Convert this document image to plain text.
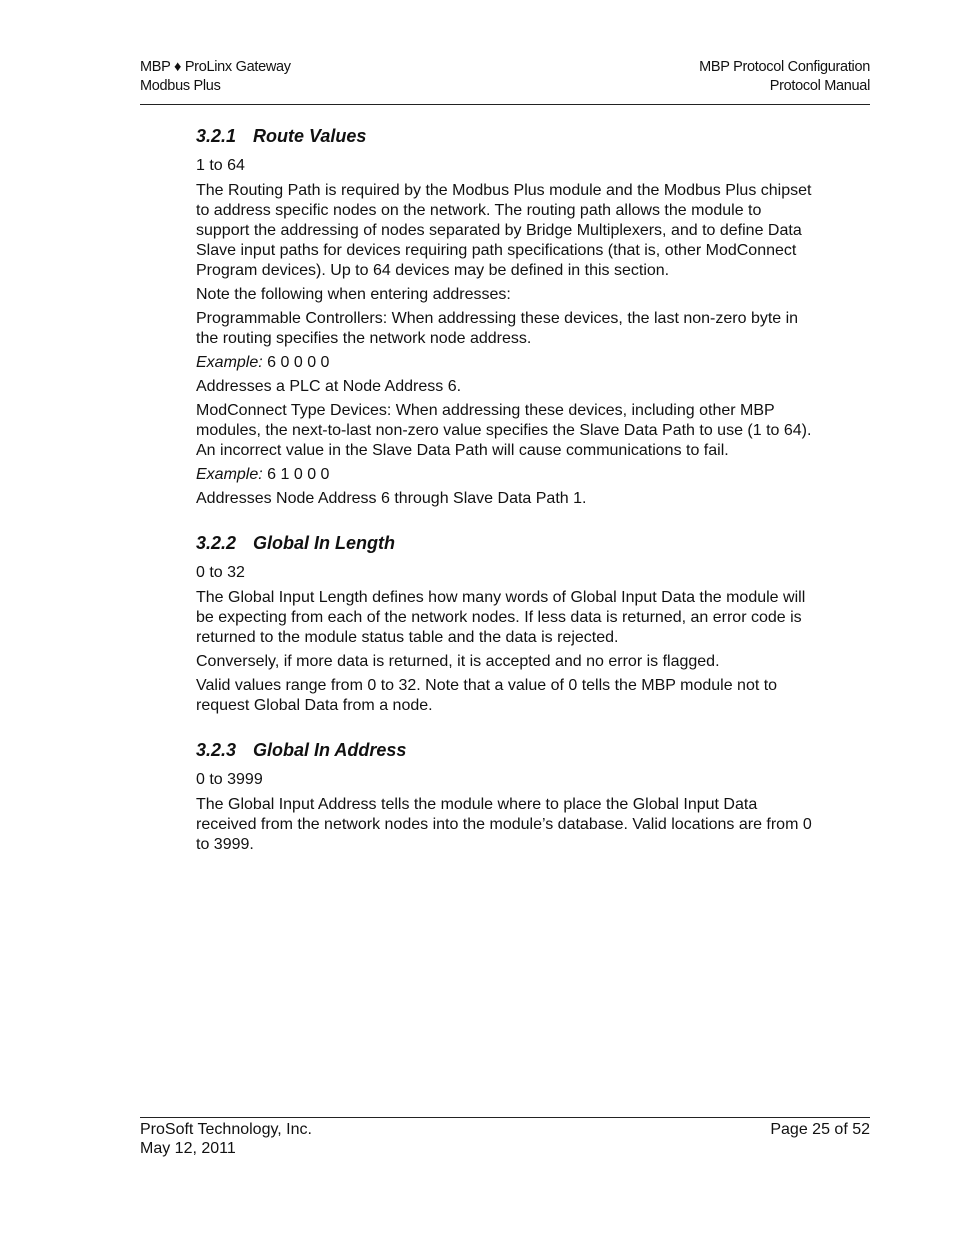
MBP ♦ ProLinx Gateway
Modbus Plus
MBP Protocol Configuration
Protocol Manual
3.2.1 Route Values
1 to 64
The Routing Path is required by the Modbus Plus module and the Modbus Plus chipset to address specific nodes on the network. The routing path allows the module to support the addressing of nodes separated by Bridge Multiplexers, and to define Data Slave input paths for devices requiring path specifications (that is, other ModConnect Program devices). Up to 64 devices may be defined in this section.
Note the following when entering addresses:
Programmable Controllers: When addressing these devices, the last non-zero byte in the routing specifies the network node address.
Example: 6 0 0 0 0
Addresses a PLC at Node Address 6.
ModConnect Type Devices: When addressing these devices, including other MBP modules, the next-to-last non-zero value specifies the Slave Data Path to use (1 to 64). An incorrect value in the Slave Data Path will cause communications to fail.
Example: 6 1 0 0 0
Addresses Node Address 6 through Slave Data Path 1.
3.2.2 Global In Length
0 to 32
The Global Input Length defines how many words of Global Input Data the module will be expecting from each of the network nodes. If less data is returned, an error code is returned to the module status table and the data is rejected.
Conversely, if more data is returned, it is accepted and no error is flagged.
Valid values range from 0 to 32. Note that a value of 0 tells the MBP module not to request Global Data from a node.
3.2.3 Global In Address
0 to 3999
The Global Input Address tells the module where to place the Global Input Data received from the network nodes into the module’s database. Valid locations are from 0 to 3999.
ProSoft Technology, Inc.
May 12, 2011
Page 25 of 52
